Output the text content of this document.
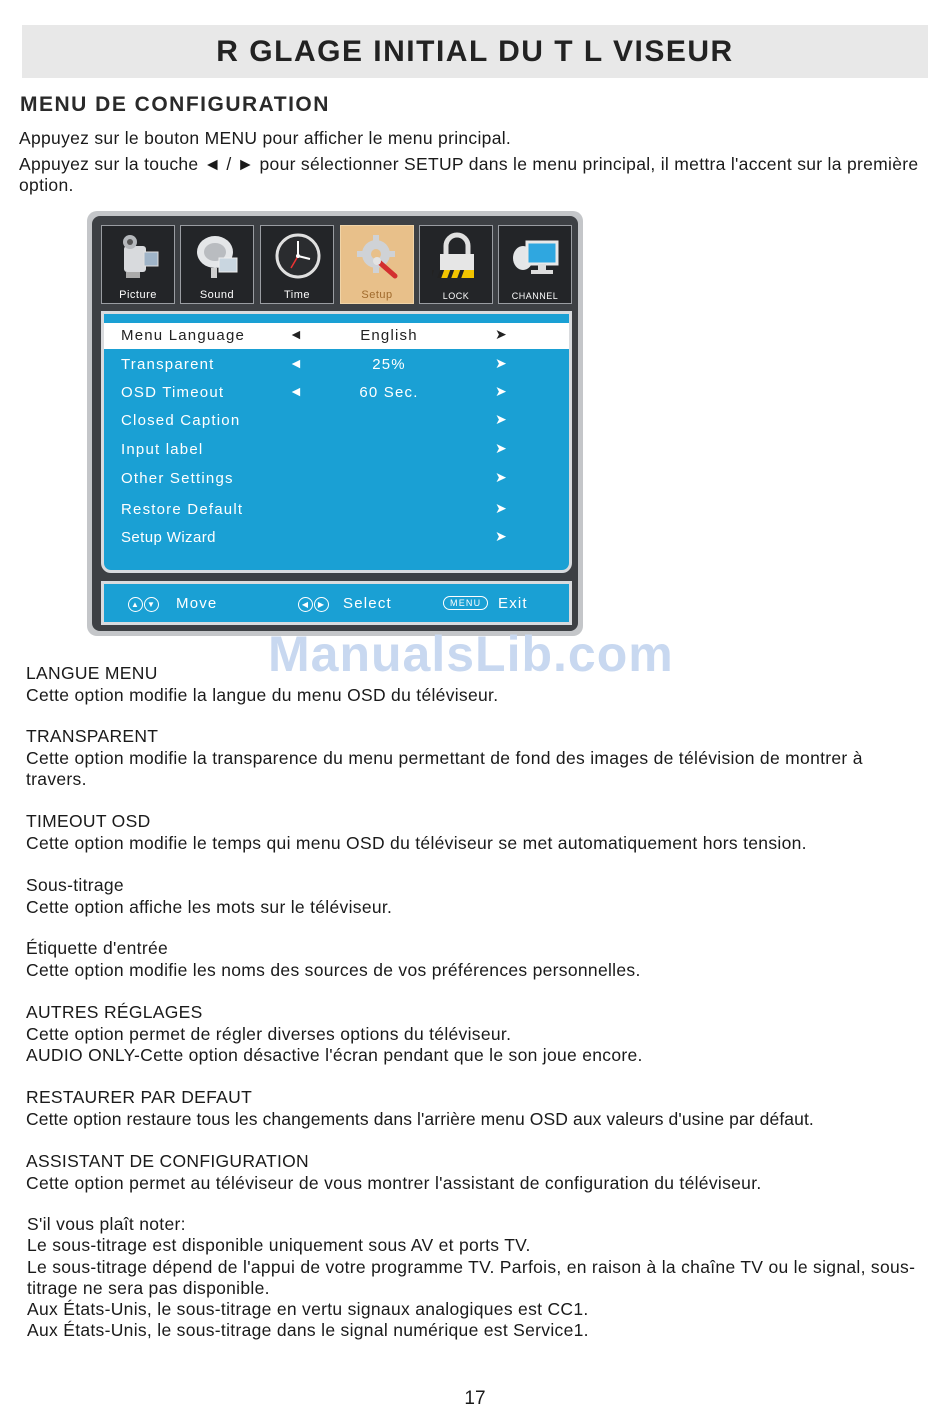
R GLAGE INITIAL DU T L VISEUR
MENU DE CONFIGURATION
Appuyez sur le bouton MENU pour afficher le menu principal.
Appuyez sur la touche ◄ / ► pour sélectionner SETUP dans le menu principal, il mettra l'accent sur la première option.
Picture	Sound	Time	Setup	LOCK	CHANNEL
Menu Language	◄	English	➤
Transparent	◄	25%	➤
OSD Timeout	◄	60 Sec.	➤
Closed Caption	➤
Input label	➤
Other Settings	➤
Restore Default	➤
Setup Wizard	➤
▲ ▼ Move	◀ ▶	Select	MENU	Exit
ManualsLib.com
LANGUE MENU
Cette option modifie la langue du menu OSD du téléviseur.
TRANSPARENT
Cette option modifie la transparence du menu permettant de fond des images de télévision de montrer à travers.
TIMEOUT OSD
Cette option modifie le temps qui menu OSD du téléviseur se met automatiquement hors tension.
Sous-titrage
Cette option affiche les mots sur le téléviseur.
Étiquette d'entrée
Cette option modifie les noms des sources de vos préférences personnelles.
AUTRES RÉGLAGES
Cette option permet de régler diverses options du téléviseur.
AUDIO ONLY-Cette option désactive l'écran pendant que le son joue encore.
RESTAURER PAR DEFAUT
Cette option restaure tous les changements dans l'arrière menu OSD aux valeurs d'usine par défaut.
ASSISTANT DE CONFIGURATION
Cette option permet au téléviseur de vous montrer l'assistant de configuration du téléviseur.
S'il vous plaît noter:
Le sous-titrage est disponible uniquement sous AV et ports TV.
Le sous-titrage dépend de l'appui de votre programme TV. Parfois, en raison à la chaîne TV ou le signal, sous-titrage ne sera pas disponible.
Aux États-Unis, le sous-titrage en vertu signaux analogiques est CC1.
Aux États-Unis, le sous-titrage dans le signal numérique est Service1.
17
